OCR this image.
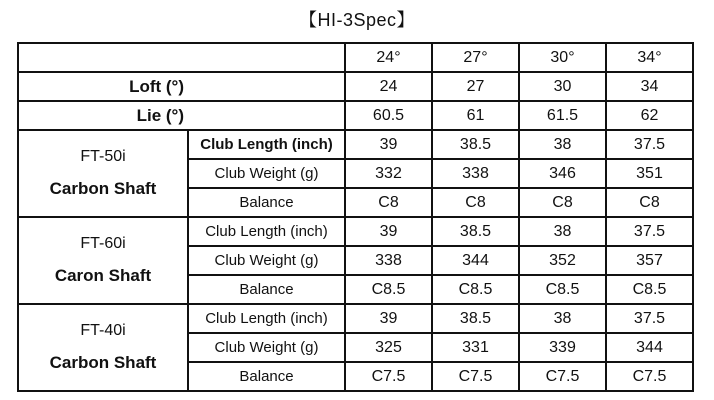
【HI-3Spec】
		24°	27°	30°	34°
Loft (°)		24	27	30	34
Lie (°)		60.5	61	61.5	62

FT-50i
Carbon Shaft	Club Length (inch)	39	38.5	38	37.5
	Club Weight (g)	332	338	346	351
	Balance	C8	C8	C8	C8

FT-60i
Caron Shaft	Club Length (inch)	39	38.5	38	37.5
	Club Weight (g)	338	344	352	357
	Balance	C8.5	C8.5	C8.5	C8.5

FT-40i
Carbon Shaft	Club Length (inch)	39	38.5	38	37.5
	Club Weight (g)	325	331	339	344
	Balance	C7.5	C7.5	C7.5	C7.5
